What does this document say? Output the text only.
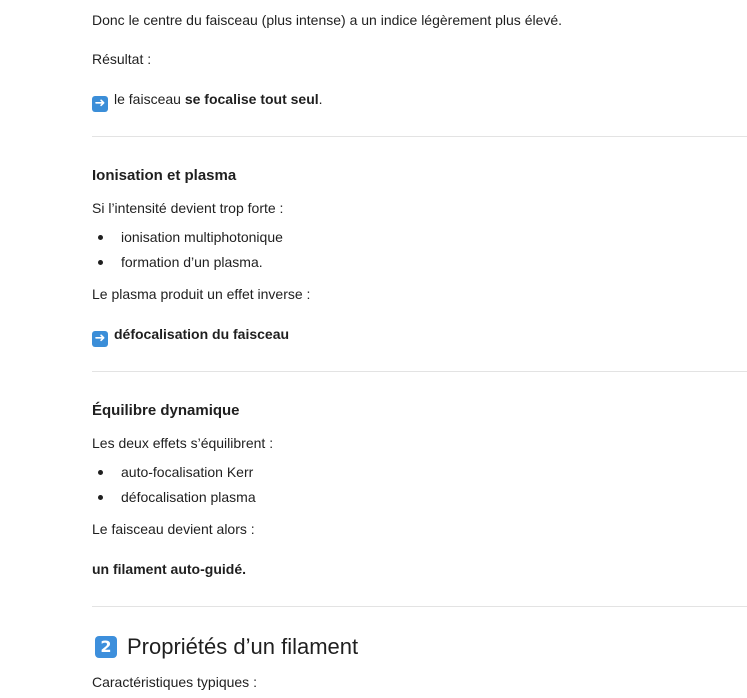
Donc le centre du faisceau (plus intense) a un indice légèrement plus élevé.

Résultat :

➜ le faisceau se focalise tout seul.

Ionisation et plasma

Si l’intensité devient trop forte :

ionisation multiphotonique
formation d’un plasma.

Le plasma produit un effet inverse :

➜ défocalisation du faisceau

Équilibre dynamique

Les deux effets s’équilibrent :

auto-focalisation Kerr
défocalisation plasma

Le faisceau devient alors :

un filament auto-guidé.

2 Propriétés d’un filament

Caractéristiques typiques :
